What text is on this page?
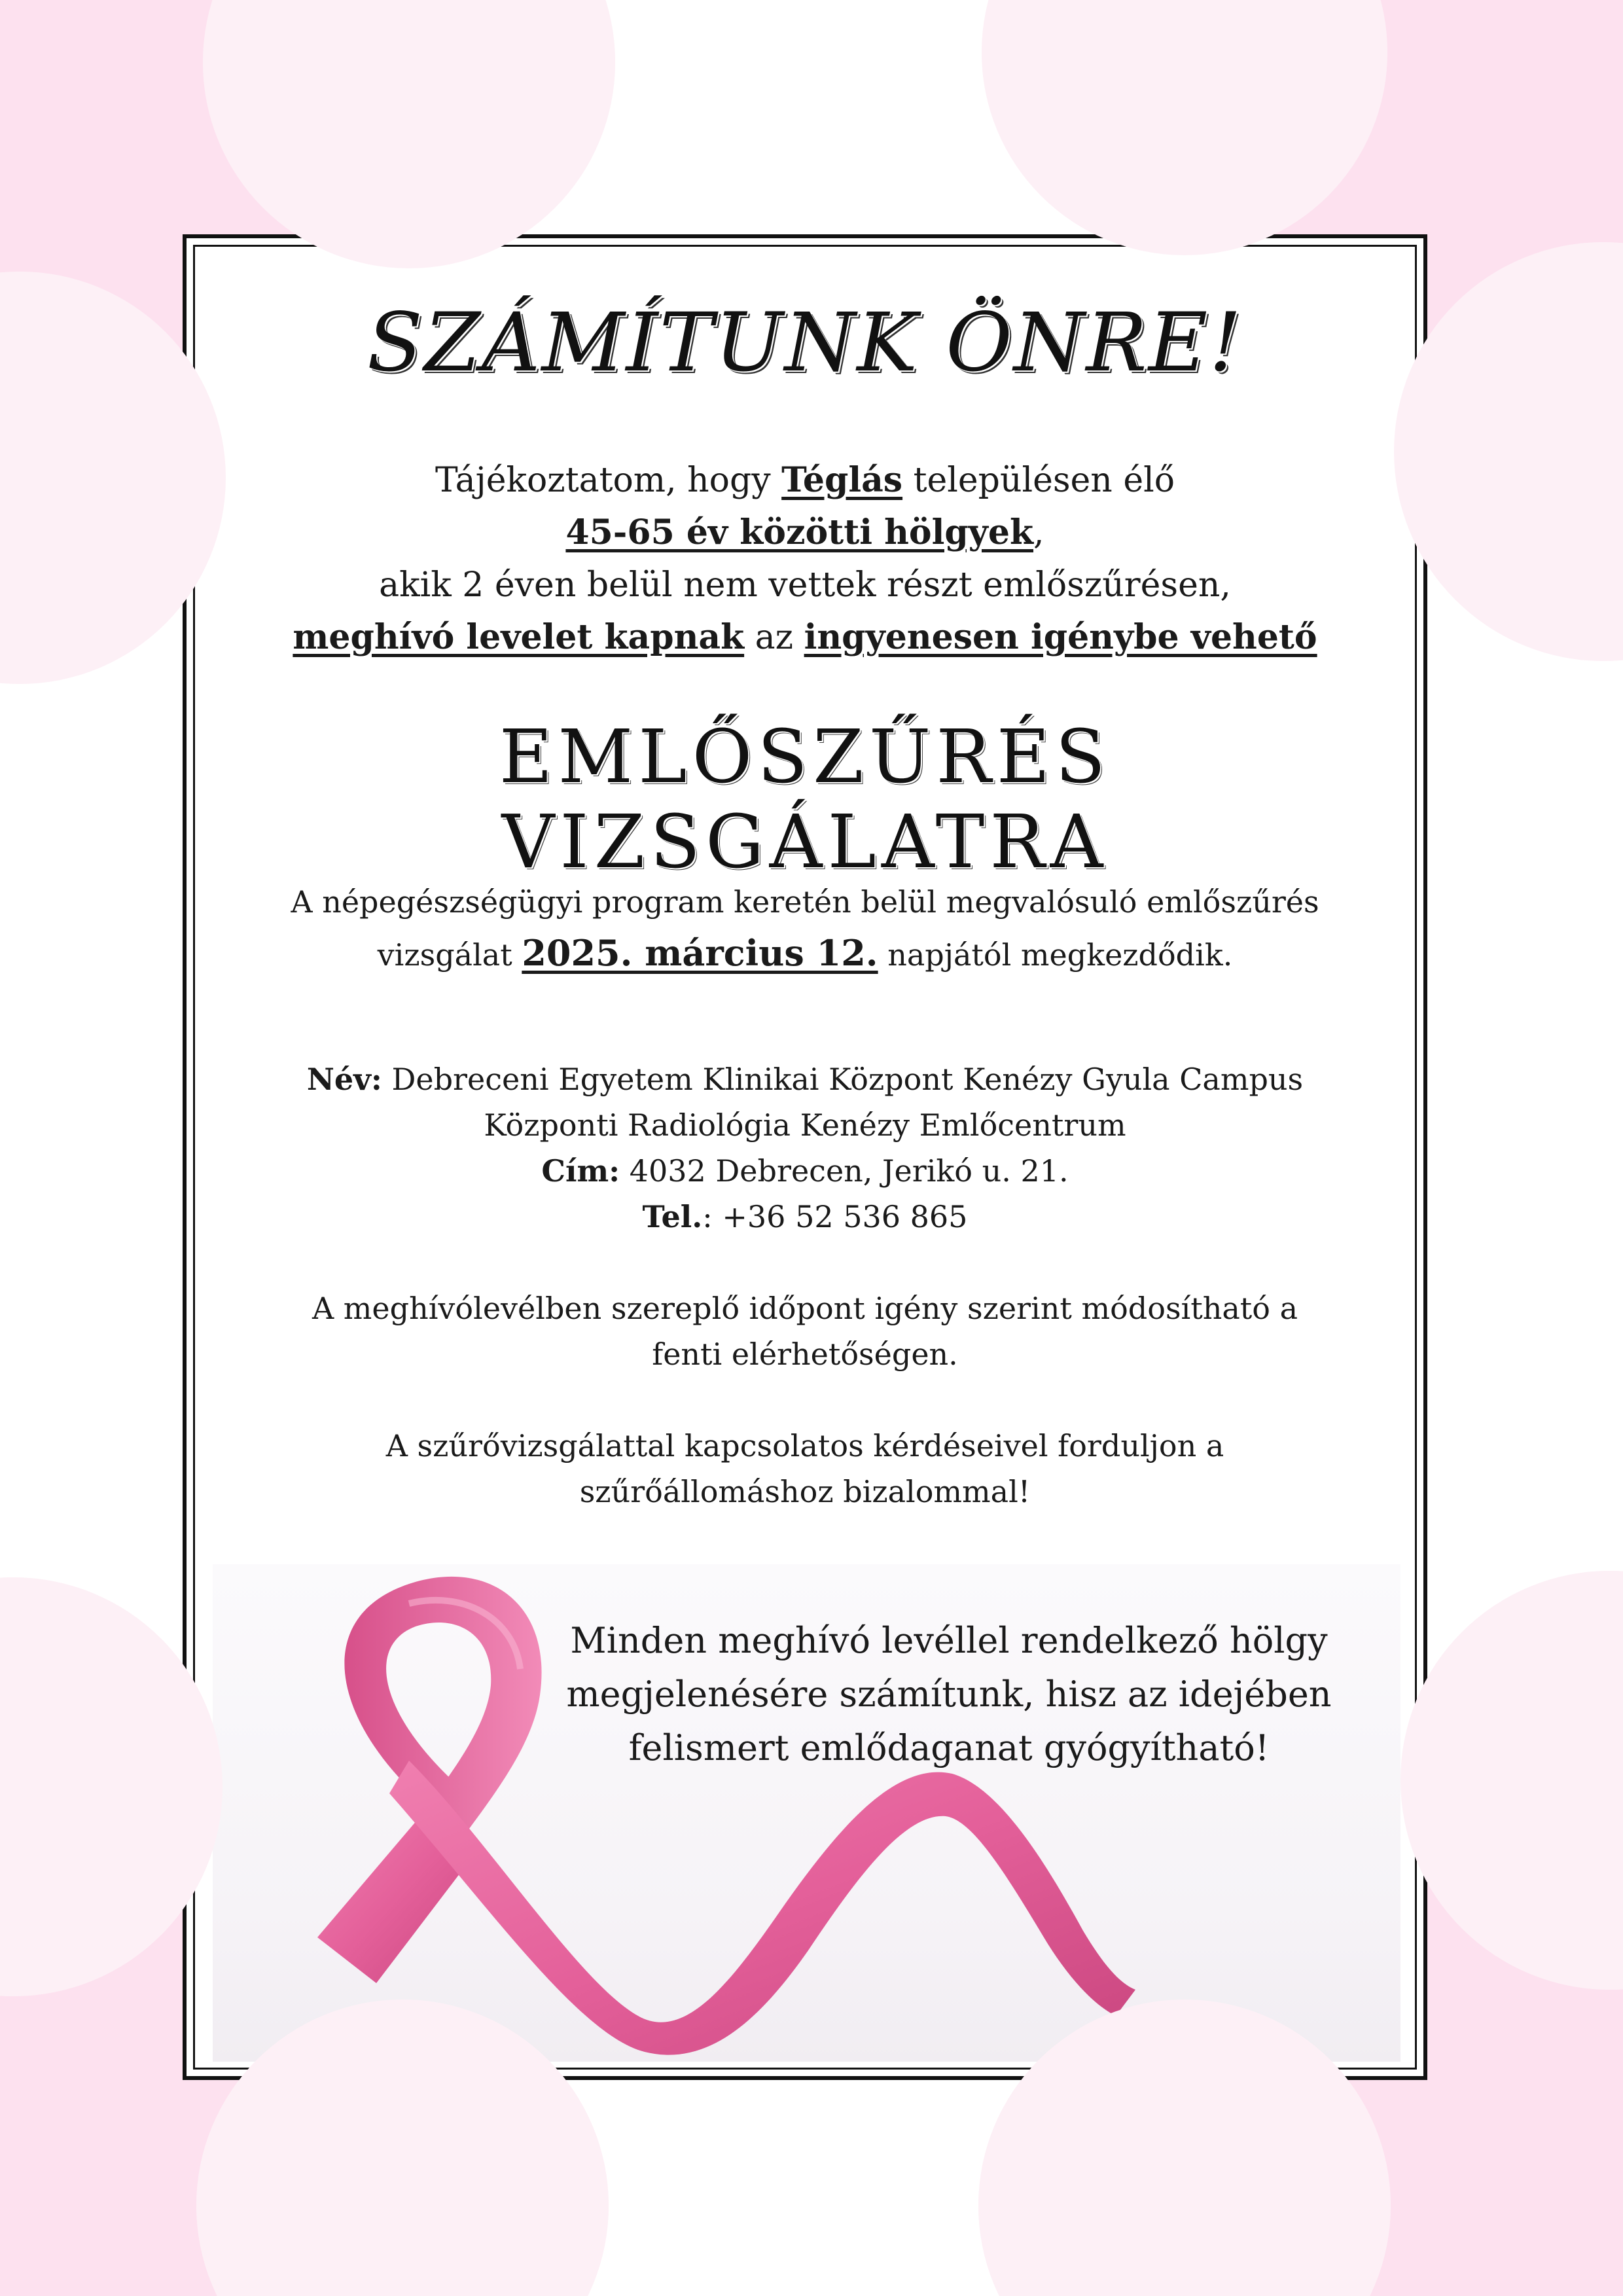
SZÁMÍTUNK ÖNRE!
Tájékoztatom, hogy Téglás településen élő
45-65 év közötti hölgyek,
akik 2 éven belül nem vettek részt emlőszűrésen,
meghívó levelet kapnak az ingyenesen igénybe vehető
EMLŐSZŰRÉS VIZSGÁLATRA
A népegészségügyi program keretén belül megvalósuló emlőszűrés
vizsgálat 2025. március 12. napjától megkezdődik.
Név: Debreceni Egyetem Klinikai Központ Kenézy Gyula Campus
Központi Radiológia Kenézy Emlőcentrum
Cím: 4032 Debrecen, Jerikó u. 21.
Tel.: +36 52 536 865
A meghívólevélben szereplő időpont igény szerint módosítható a
fenti elérhetőségen.
A szűrővizsgálattal kapcsolatos kérdéseivel forduljon a
szűrőállomáshoz bizalommal!
Minden meghívó levéllel rendelkező hölgy
megjelenésére számítunk, hisz az idejében
felismert emlődaganat gyógyítható!
